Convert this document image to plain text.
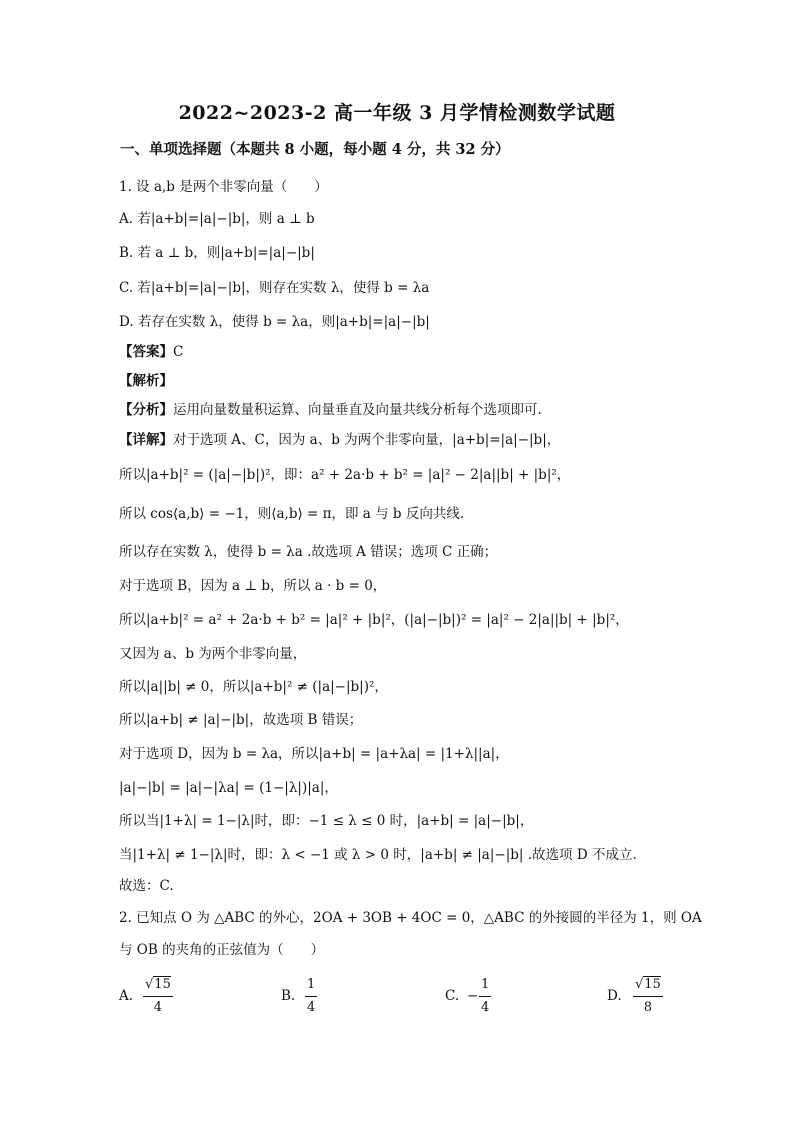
2022~2023-2 高一年级 3 月学情检测数学试题
一、单项选择题（本题共 8 小题，每小题 4 分，共 32 分）
1. 设 a,b 是两个非零向量（　　）
A. 若|a+b|=|a|−|b|，则 a ⊥ b
B. 若 a ⊥ b，则|a+b|=|a|−|b|
C. 若|a+b|=|a|−|b|，则存在实数 λ，使得 b = λa
D. 若存在实数 λ，使得 b = λa，则|a+b|=|a|−|b|
【答案】C
【解析】
【分析】运用向量数量积运算、向量垂直及向量共线分析每个选项即可.
【详解】对于选项 A、C，因为 a、b 为两个非零向量，|a+b|=|a|−|b|，
所以|a+b|² = (|a|−|b|)²，即：a² + 2a·b + b² = |a|² − 2|a||b| + |b|²，
所以 cos⟨a,b⟩ = −1，则⟨a,b⟩ = π，即 a 与 b 反向共线.
所以存在实数 λ，使得 b = λa .故选项 A 错误；选项 C 正确；
对于选项 B，因为 a ⊥ b，所以 a · b = 0，
所以|a+b|² = a² + 2a·b + b² = |a|² + |b|²，(|a|−|b|)² = |a|² − 2|a||b| + |b|²，
又因为 a、b 为两个非零向量，
所以|a||b| ≠ 0，所以|a+b|² ≠ (|a|−|b|)²，
所以|a+b| ≠ |a|−|b|，故选项 B 错误；
对于选项 D，因为 b = λa，所以|a+b| = |a+λa| = |1+λ||a|，
|a|−|b| = |a|−|λa| = (1−|λ|)|a|，
所以当|1+λ| = 1−|λ|时，即：−1 ≤ λ ≤ 0 时，|a+b| = |a|−|b|，
当|1+λ| ≠ 1−|λ|时，即：λ < −1 或 λ > 0 时，|a+b| ≠ |a|−|b| .故选项 D 不成立.
故选：C.
2. 已知点 O 为 △ABC 的外心，2OA + 3OB + 4OC = 0，△ABC 的外接圆的半径为 1，则 OA
与 OB 的夹角的正弦值为（　　）
A.
√15
4
B.
1
4
C. −
1
4
D.
√15
8
